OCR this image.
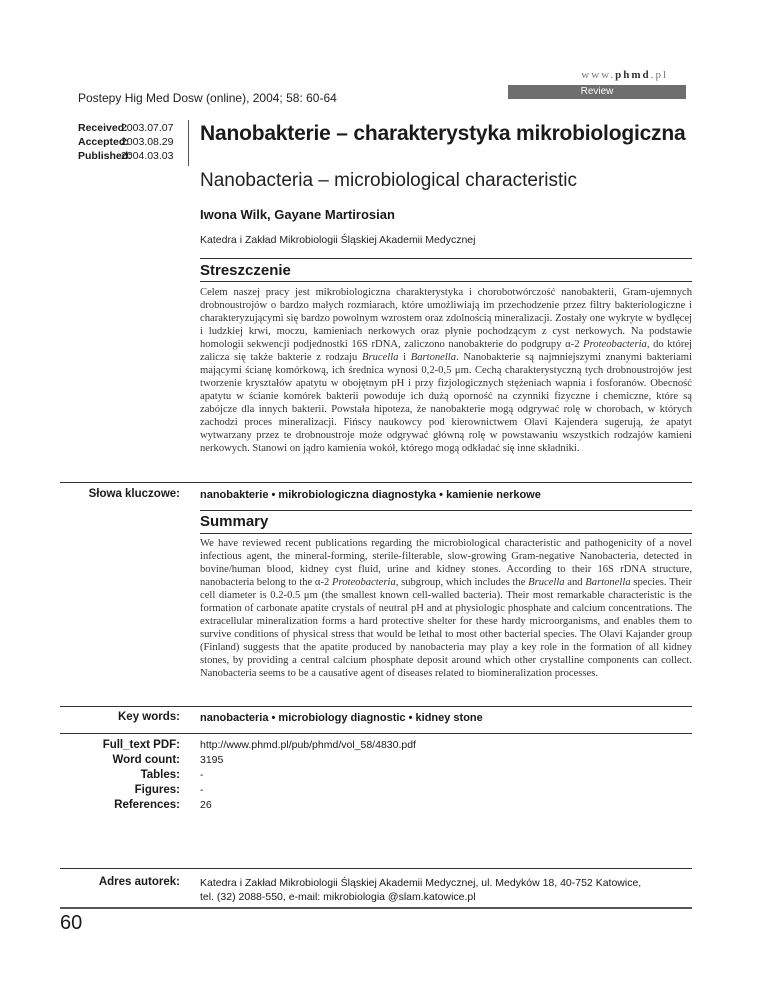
www.phmd.pl
Review
Postepy Hig Med Dosw (online), 2004; 58: 60-64
Received: 2003.07.07
Accepted: 2003.08.29
Published: 2004.03.03
Nanobakterie – charakterystyka mikrobiologiczna
Nanobacteria – microbiological characteristic
Iwona Wilk, Gayane Martirosian
Katedra i Zakład Mikrobiologii Śląskiej Akademii Medycznej
Streszczenie
Celem naszej pracy jest mikrobiologiczna charakterystyka i chorobotwórczość nanobakterii, Gram-ujemnych drobnoustrojów o bardzo małych rozmiarach, które umożliwiają im przechodzenie przez filtry bakteriologiczne i charakteryzującymi się bardzo powolnym wzrostem oraz zdolnością mineralizacji. Zostały one wykryte w bydlęcej i ludzkiej krwi, moczu, kamieniach nerkowych oraz płynie pochodzącym z cyst nerkowych. Na podstawie homologii sekwencji podjednostki 16S rDNA, zaliczono nanobakterie do podgrupy α-2 Proteobacteria, do której zalicza się także bakterie z rodzaju Brucella i Bartonella. Nanobakterie są najmniejszymi znanymi bakteriami mającymi ścianę komórkową, ich średnica wynosi 0,2-0,5 μm. Cechą charakterystyczną tych drobnoustrojów jest tworzenie kryształów apatytu w obojętnym pH i przy fizjologicznych stężeniach wapnia i fosforanów. Obecność apatytu w ścianie komórek bakterii powoduje ich dużą oporność na czynniki fizyczne i chemiczne, które są zabójcze dla innych bakterii. Powstała hipoteza, że nanobakterie mogą odgrywać rolę w chorobach, w których zachodzi proces mineralizacji. Fińscy naukowcy pod kierownictwem Olavi Kajendera sugerują, że apatyt wytwarzany przez te drobnoustroje może odgrywać główną rolę w powstawaniu wszystkich rodzajów kamieni nerkowych. Stanowi on jądro kamienia wokół, którego mogą odkładać się inne składniki.
Słowa kluczowe: nanobakterie • mikrobiologiczna diagnostyka • kamienie nerkowe
Summary
We have reviewed recent publications regarding the microbiological characteristic and pathogenicity of a novel infectious agent, the mineral-forming, sterile-filterable, slow-growing Gram-negative Nanobacteria, detected in bovine/human blood, kidney cyst fluid, urine and kidney stones. According to their 16S rDNA structure, nanobacteria belong to the α-2 Proteobacteria, subgroup, which includes the Brucella and Bartonella species. Their cell diameter is 0.2-0.5 μm (the smallest known cell-walled bacteria). Their most remarkable characteristic is the formation of carbonate apatite crystals of neutral pH and at physiologic phosphate and calcium concentrations. The extracellular mineralization forms a hard protective shelter for these hardy microorganisms, and enables them to survive conditions of physical stress that would be lethal to most other bacterial species. The Olavi Kajander group (Finland) suggests that the apatite produced by nanobacteria may play a key role in the formation of all kidney stones, by providing a central calcium phosphate deposit around which other crystalline components can collect. Nanobacteria seems to be a causative agent of diseases related to biomineralization processes.
Key words: nanobacteria • microbiology diagnostic • kidney stone
Full_text PDF:
Word count:
Tables:
Figures:
References:
http://www.phmd.pl/pub/phmd/vol_58/4830.pdf
3195
-
-
26
Adres autorek: Katedra i Zakład Mikrobiologii Śląskiej Akademii Medycznej, ul. Medyków 18, 40-752 Katowice,
tel. (32) 2088-550, e-mail: mikrobiologia @slam.katowice.pl
60
